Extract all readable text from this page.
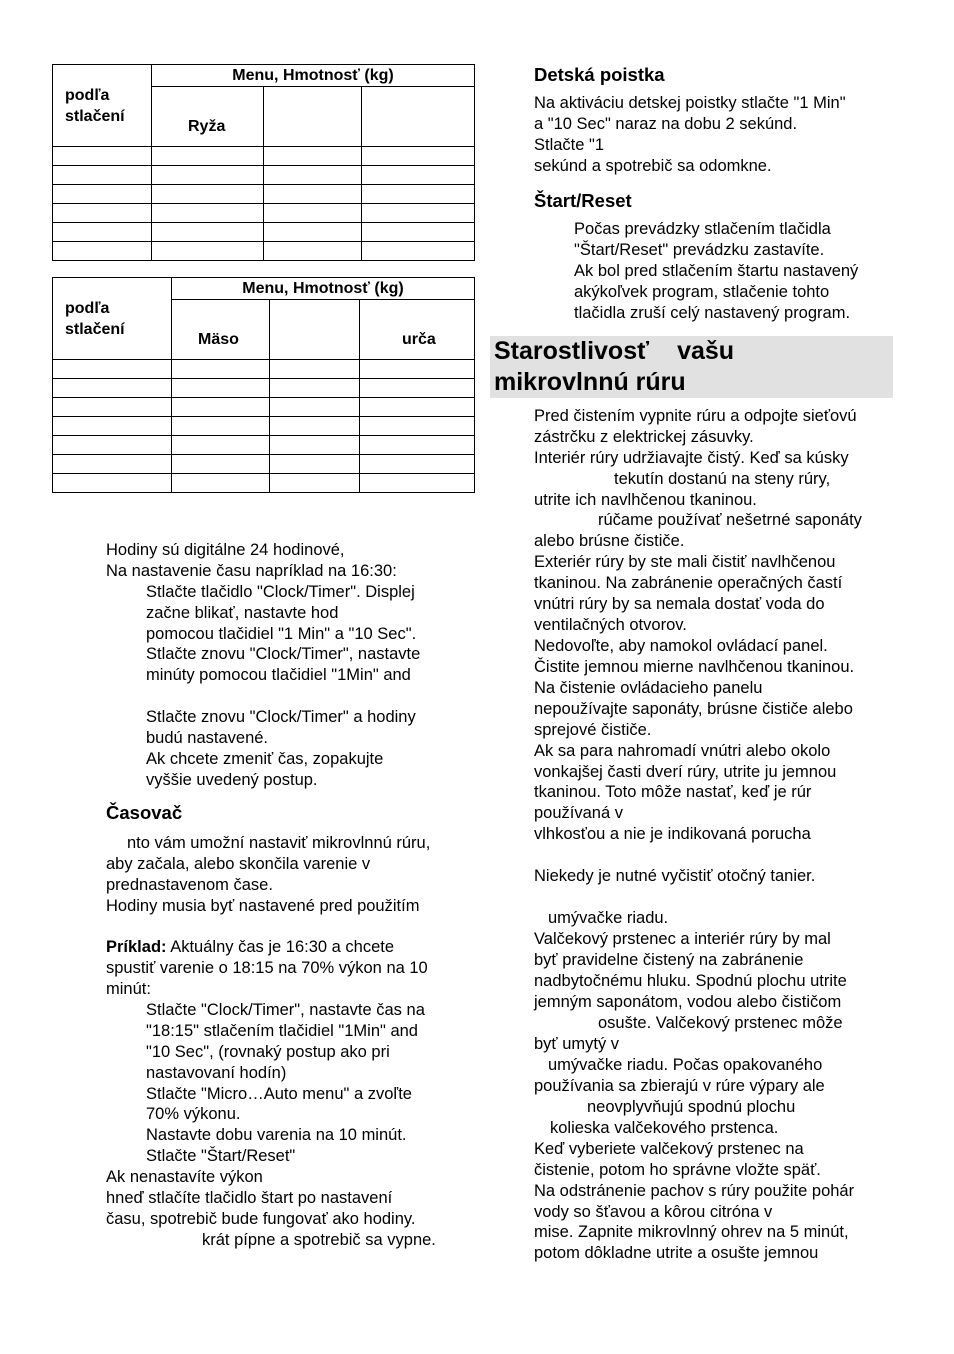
podľa
stlačení	Menu, Hmotnosť (kg)		
	Ryža		

podľa
stlačení	Menu, Hmotnosť (kg)		
	Mäso		urča

Hodiny sú digitálne 24 hodinové,
Na nastavenie času napríklad na 16:30:
Stlačte tlačidlo "Clock/Timer". Displej
začne blikať, nastavte hod
pomocou tlačidiel "1 Min" a "10 Sec".
Stlačte znovu "Clock/Timer", nastavte
minúty pomocou tlačidiel "1Min" and
Stlačte znovu "Clock/Timer" a hodiny
budú nastavené.
Ak chcete zmeniť čas, zopakujte
vyššie uvedený postup.
Časovač
nto vám umožní nastaviť mikrovlnnú rúru,
aby začala, alebo skončila varenie v
prednastavenom čase.
Hodiny musia byť nastavené pred použitím
Príklad: Aktuálny čas je 16:30 a chcete
spustiť varenie o 18:15 na 70% výkon na 10
minút:
Stlačte "Clock/Timer", nastavte čas na
"18:15" stlačením tlačidiel "1Min" and
"10 Sec", (rovnaký postup ako pri
nastavovaní hodín)
Stlačte "Micro…Auto menu" a zvoľte
70% výkonu.
Nastavte dobu varenia na 10 minút.
Stlačte "Štart/Reset"
Ak nenastavíte výkon
hneď stlačíte tlačidlo štart po nastavení
času, spotrebič bude fungovať ako hodiny.
krát pípne a spotrebič sa vypne.
Detská poistka
Na aktiváciu detskej poistky stlačte "1 Min"
a "10 Sec" naraz na dobu 2 sekúnd.
Stlačte "1
sekúnd a spotrebič sa odomkne.
Štart/Reset
Počas prevádzky stlačením tlačidla
"Štart/Reset" prevádzku zastavíte.
Ak bol pred stlačením štartu nastavený
akýkoľvek program, stlačenie tohto
tlačidla zruší celý nastavený program.
Starostlivosť vašu
mikrovlnnú rúru
Pred čistením vypnite rúru a odpojte sieťovú
zástrčku z elektrickej zásuvky.
Interiér rúry udržiavajte čistý. Keď sa kúsky
tekutín dostanú na steny rúry,
utrite ich navlhčenou tkaninou.
rúčame používať nešetrné saponáty
alebo brúsne čističe.
Exteriér rúry by ste mali čistiť navlhčenou
tkaninou. Na zabránenie operačných častí
vnútri rúry by sa nemala dostať voda do
ventilačných otvorov.
Nedovoľte, aby namokol ovládací panel.
Čistite jemnou mierne navlhčenou tkaninou.
Na čistenie ovládacieho panelu
nepoužívajte saponáty, brúsne čističe alebo
sprejové čističe.
Ak sa para nahromadí vnútri alebo okolo
vonkajšej časti dverí rúry, utrite ju jemnou
tkaninou. Toto môže nastať, keď je rúr
používaná v
vlhkosťou a nie je indikovaná porucha
Niekedy je nutné vyčistiť otočný tanier.
umývačke riadu.
Valčekový prstenec a interiér rúry by mal
byť pravidelne čistený na zabránenie
nadbytočnému hluku. Spodnú plochu utrite
jemným saponátom, vodou alebo čističom
osušte. Valčekový prstenec môže
byť umytý v
umývačke riadu. Počas opakovaného
používania sa zbierajú v rúre výpary ale
neovplyvňujú spodnú plochu
kolieska valčekového prstenca.
Keď vyberiete valčekový prstenec na
čistenie, potom ho správne vložte späť.
Na odstránenie pachov s rúry použite pohár
vody so šťavou a kôrou citróna v
mise. Zapnite mikrovlnný ohrev na 5 minút,
potom dôkladne utrite a osušte jemnou
